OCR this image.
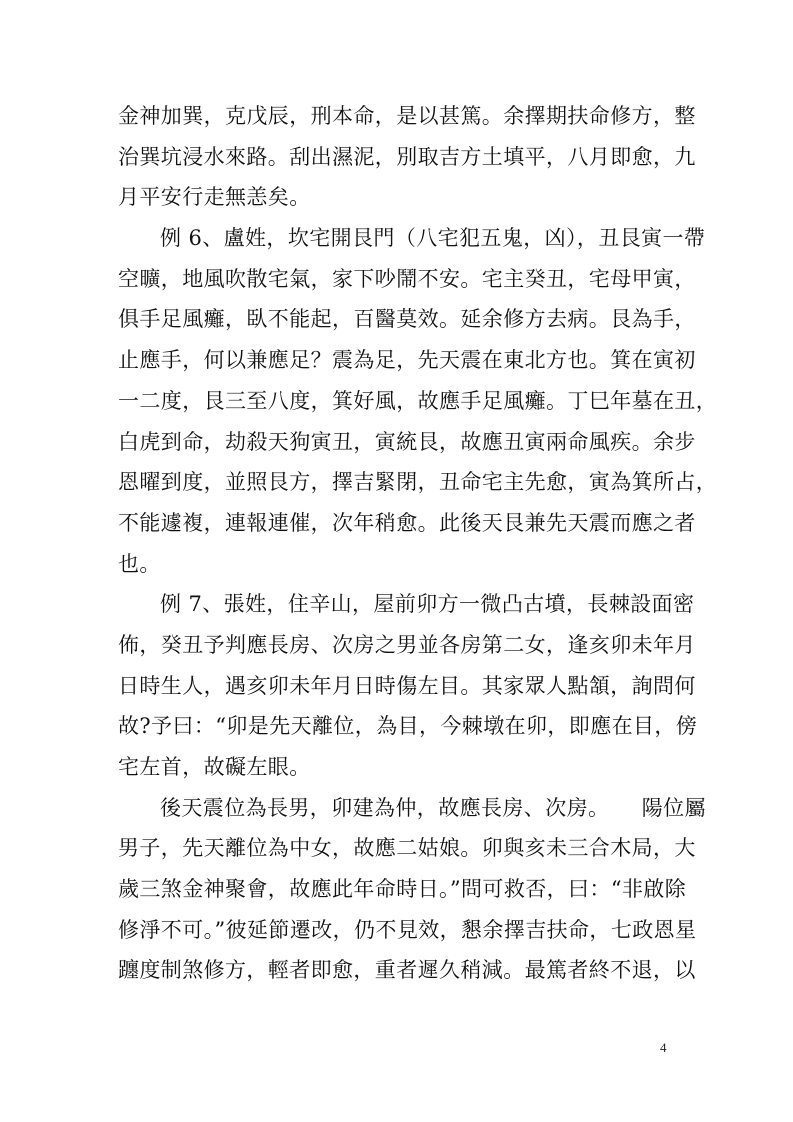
金神加巽，克戊辰，刑本命，是以甚篤。余擇期扶命修方，整
治巽坑浸水來路。刮出濕泥，別取吉方土填平，八月即愈，九
月平安行走無恙矣。
例 6、盧姓，坎宅開艮門（八宅犯五鬼，凶），丑艮寅一帶
空曠，地風吹散宅氣，家下吵鬧不安。宅主癸丑，宅母甲寅，
俱手足風癱，臥不能起，百醫莫效。延余修方去病。艮為手，
止應手，何以兼應足？震為足，先天震在東北方也。箕在寅初
一二度，艮三至八度，箕好風，故應手足風癱。丁巳年墓在丑，
白虎到命，劫殺天狗寅丑，寅統艮，故應丑寅兩命風疾。余步
恩曜到度，並照艮方，擇吉緊閉，丑命宅主先愈，寅為箕所占，
不能遽複，連報連催，次年稍愈。此後天艮兼先天震而應之者
也。
例 7、張姓，住辛山，屋前卯方一微凸古墳，長棘設面密
佈，癸丑予判應長房、次房之男並各房第二女，逢亥卯未年月
日時生人，遇亥卯未年月日時傷左目。其家眾人點頷，詢問何
故?予曰：“卯是先天離位，為目，今棘墩在卯，即應在目，傍
宅左首，故礙左眼。
後天震位為長男，卯建為仲，故應長房、次房。　　陽位屬
男子，先天離位為中女，故應二姑娘。卯與亥未三合木局，大
歲三煞金神聚會，故應此年命時日。”問可救否，曰：“非啟除
修淨不可。”彼延節遷改，仍不見效，懇余擇吉扶命，七政恩星
躔度制煞修方，輕者即愈，重者遲久稍減。最篤者終不退，以
4
